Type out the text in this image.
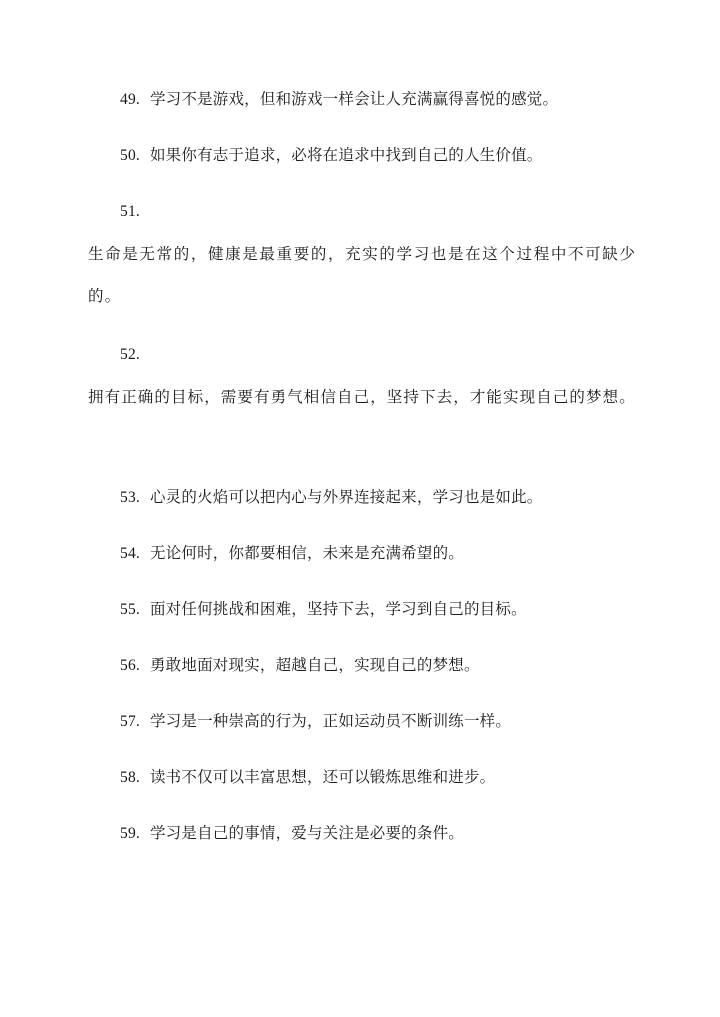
49. 学习不是游戏，但和游戏一样会让人充满赢得喜悦的感觉。
50. 如果你有志于追求，必将在追求中找到自己的人生价值。
51.
生命是无常的，健康是最重要的，充实的学习也是在这个过程中不可缺少的。
52.
拥有正确的目标，需要有勇气相信自己，坚持下去，才能实现自己的梦想。
53. 心灵的火焰可以把内心与外界连接起来，学习也是如此。
54. 无论何时，你都要相信，未来是充满希望的。
55. 面对任何挑战和困难，坚持下去，学习到自己的目标。
56. 勇敢地面对现实，超越自己，实现自己的梦想。
57. 学习是一种崇高的行为，正如运动员不断训练一样。
58. 读书不仅可以丰富思想，还可以锻炼思维和进步。
59. 学习是自己的事情，爱与关注是必要的条件。
